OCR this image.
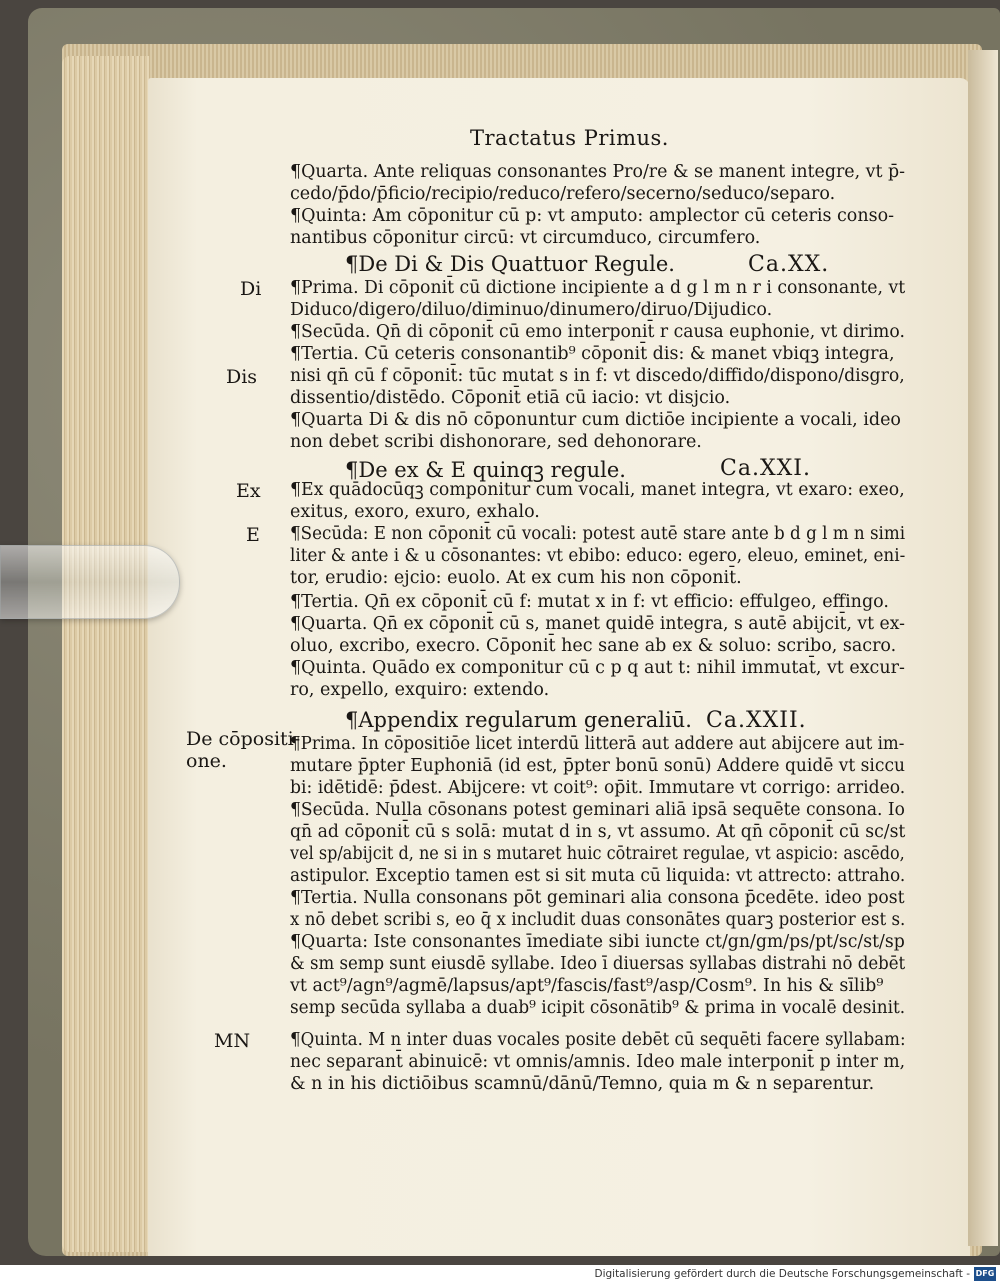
Tractatus Primus.
¶Quarta. Ante reliquas consonantes Pro/re & se manent integre, vt p̄-
cedo/p̄do/p̄ficio/recipio/reduco/refero/secerno/seduco/separo.
¶Quinta: Am cōponitur cū p: vt amputo: amplector cū ceteris conso-
nantibus cōponitur circū: vt circumduco, circumfero.
¶De Di & Dis Quattuor Regule.	Ca.XX.
Di ¶Prima. Di cōponit̄ cū dictione incipiente a d g l m n r i consonante, vt
Diduco/digero/diluo/diminuo/dinumero/diruo/Dijudico.
¶Secūda. Qn̄ di cōponit̄ cū emo interponit̄ r causa euphonie, vt dirimo.
¶Tertia. Cū ceteris consonantib⁹ cōponit̄ dis: & manet vbiqꝫ integra,
Dis nisi qn̄ cū f cōponit̄: tūc mutat s in f: vt discedo/diffido/dispono/disgro,
dissentio/distēdo. Cōponit̄ etiā cū iacio: vt disjcio.
¶Quarta Di & dis nō cōponuntur cum dictiōe incipiente a vocali, ideo
non debet scribi dishonorare, sed dehonorare.
¶De ex & E quinqꝫ regule.	Ca.XXI.
Ex ¶Ex quādocūqꝫ componitur cum vocali, manet integra, vt exaro: exeo,
exitus, exoro, exuro, exhalo.
E ¶Secūda: E non cōponit̄ cū vocali: potest autē stare ante b d g l m n simi
liter & ante i & u cōsonantes: vt ebibo: educo: egero, eleuo, eminet, eni-
tor, erudio: ejcio: euolo. At ex cum his non cōponit̄.
¶Tertia. Qn̄ ex cōponit̄ cū f: mutat x in f: vt efficio: effulgeo, effingo.
¶Quarta. Qn̄ ex cōponit̄ cū s, manet quidē integra, s autē abijcit̄, vt ex-
oluo, excribo, execro. Cōponit̄ hec sane ab ex & soluo: scribo, sacro.
¶Quinta. Quādo ex componitur cū c p q aut t: nihil immutat̄, vt excur-
ro, expello, exquiro: extendo.
¶Appendix regularum generaliū. Ca.XXII.
De cōpositi-
one.
¶Prima. In cōpositiōe licet interdū litterā aut addere aut abijcere aut im-
mutare p̄pter Euphoniā (id est, p̄pter bonū sonū) Addere quidē vt siccu
bi: idētidē: p̄dest. Abijcere: vt coit⁹: op̄it. Immutare vt corrigo: arrideo.
¶Secūda. Nulla cōsonans potest geminari aliā ipsā sequēte consona. Io
qn̄ ad cōponit̄ cū s solā: mutat d in s, vt assumo. At qn̄ cōponit̄ cū sc/st
vel sp/abijcit d, ne si in s mutaret huic cōtrairet regulae, vt aspicio: ascēdo,
astipulor. Exceptio tamen est si sit muta cū liquida: vt attrecto: attraho.
¶Tertia. Nulla consonans pōt geminari alia consona p̄cedēte. ideo post
x nō debet scribi s, eo q̄ x includit duas consonātes quarꝫ posterior est s.
¶Quarta: Iste consonantes īmediate sibi iuncte ct/gn/gm/ps/pt/sc/st/sp
& sm semp sunt eiusdē syllabe. Ideo ī diuersas syllabas distrahi nō debēt
vt act⁹/agn⁹/agmē/lapsus/apt⁹/fascis/fast⁹/asp/Cosm⁹. In his & sīlib⁹
semp secūda syllaba a duab⁹ icipit cōsonātib⁹ & prima in vocalē desinit.
MN ¶Quinta. M n inter duas vocales posite debēt cū sequēti facere syllabam:
nec separant̄ abinuicē: vt omnis/amnis. Ideo male interponit̄ p inter m,
& n in his dictiōibus scamnū/dānū/Temno, quia m & n separentur.
Digitalisierung gefördert durch die Deutsche Forschungsgemeinschaft - DFG
